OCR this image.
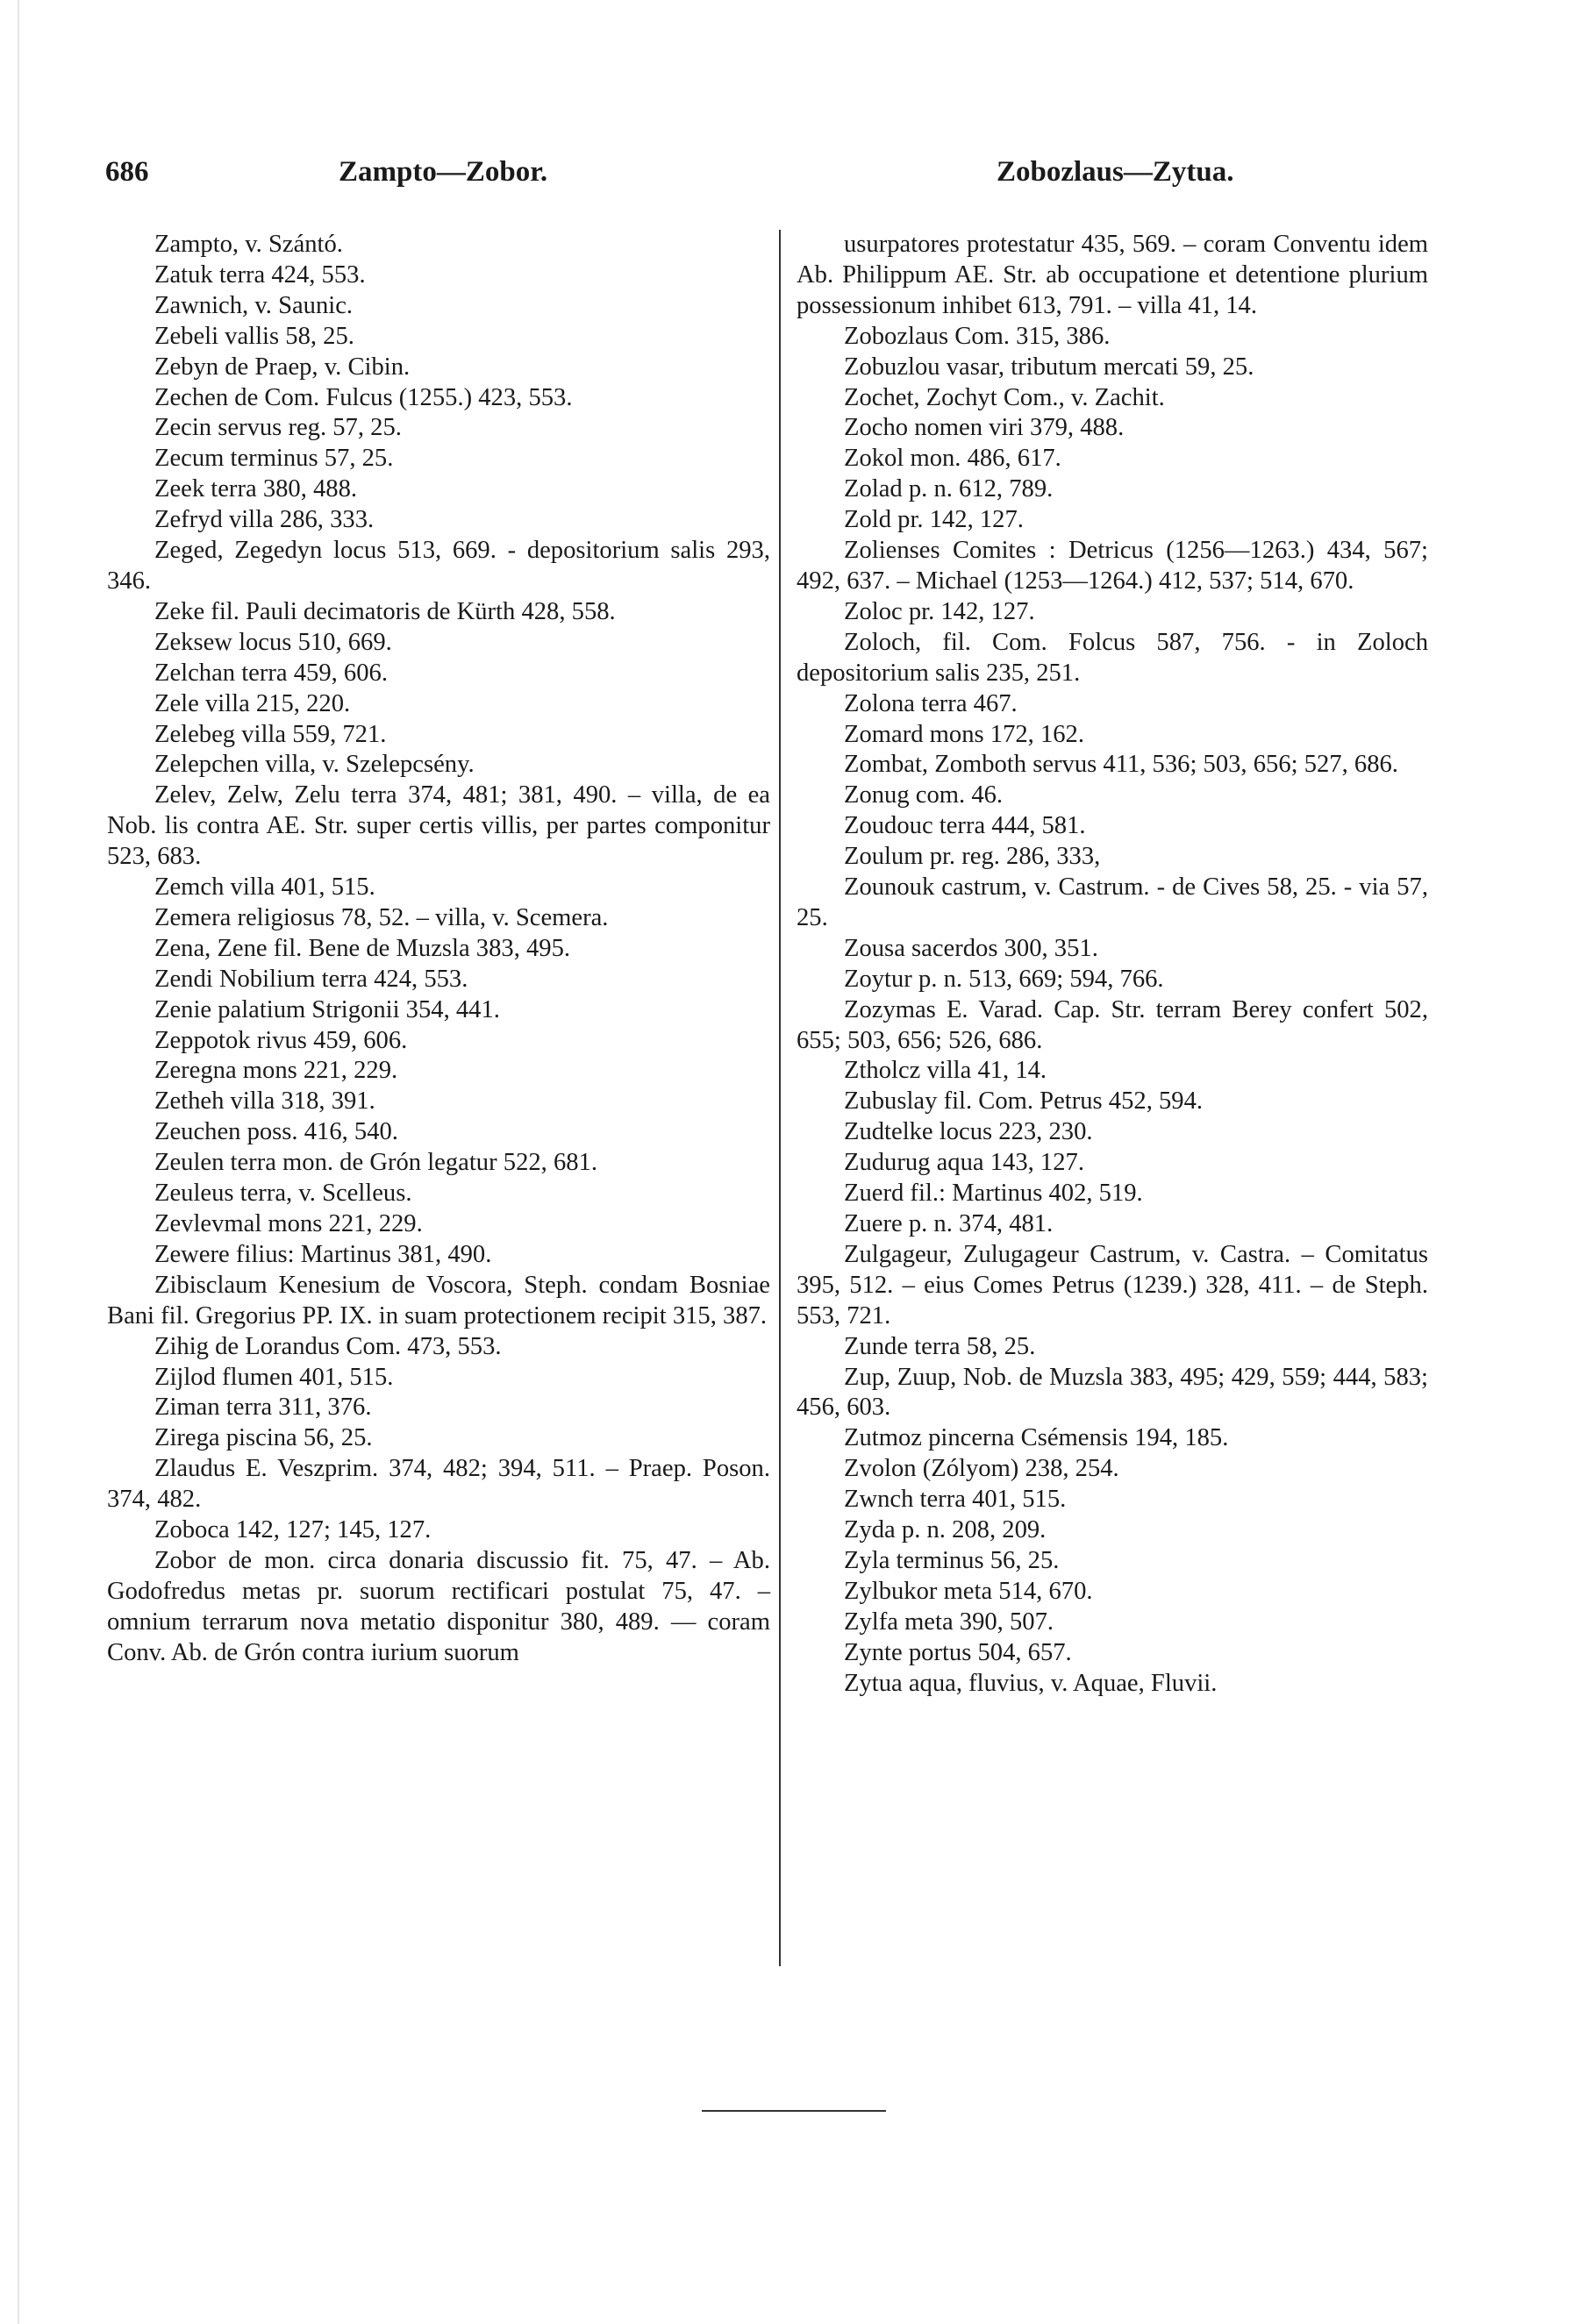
686	Zampto—Zobor.	Zobozlaus—Zytua.

Zampto, v. Szántó.

Zatuk terra 424, 553.

Zawnich, v. Saunic.

Zebeli vallis 58, 25.

Zebyn de Praep, v. Cibin.

Zechen de Com. Fulcus (1255.) 423, 553.

Zecin servus reg. 57, 25.

Zecum terminus 57, 25.

Zeek terra 380, 488.

Zefryd villa 286, 333.

Zeged, Zegedyn locus 513, 669. - depositorium salis 293, 346.

Zeke fil. Pauli decimatoris de Kürth 428, 558.

Zeksew locus 510, 669.

Zelchan terra 459, 606.

Zele villa 215, 220.

Zelebeg villa 559, 721.

Zelepchen villa, v. Szelepcsény.

Zelev, Zelw, Zelu terra 374, 481; 381, 490. – villa, de ea Nob. lis contra AE. Str. super certis villis, per partes componitur 523, 683.

Zemch villa 401, 515.

Zemera religiosus 78, 52. – villa, v. Scemera.

Zena, Zene fil. Bene de Muzsla 383, 495.

Zendi Nobilium terra 424, 553.

Zenie palatium Strigonii 354, 441.

Zeppotok rivus 459, 606.

Zeregna mons 221, 229.

Zetheh villa 318, 391.

Zeuchen poss. 416, 540.

Zeulen terra mon. de Grón legatur 522, 681.

Zeuleus terra, v. Scelleus.

Zevlevmal mons 221, 229.

Zewere filius: Martinus 381, 490.

Zibisclaum Kenesium de Voscora, Steph. condam Bosniae Bani fil. Gregorius PP. IX. in suam protectionem recipit 315, 387.

Zihig de Lorandus Com. 473, 553.

Zijlod flumen 401, 515.

Ziman terra 311, 376.

Zirega piscina 56, 25.

Zlaudus E. Veszprim. 374, 482; 394, 511. – Praep. Poson. 374, 482.

Zoboca 142, 127; 145, 127.

Zobor de mon. circa donaria discussio fit. 75, 47. – Ab. Godofredus metas pr. suorum rectificari postulat 75, 47. – omnium terrarum nova metatio disponitur 380, 489. — coram Conv. Ab. de Grón contra iurium suorum

usurpatores protestatur 435, 569. – coram Conventu idem Ab. Philippum AE. Str. ab occupatione et detentione plurium possessionum inhibet 613, 791. – villa 41, 14.

Zobozlaus Com. 315, 386.

Zobuzlou vasar, tributum mercati 59, 25.

Zochet, Zochyt Com., v. Zachit.

Zocho nomen viri 379, 488.

Zokol mon. 486, 617.

Zolad p. n. 612, 789.

Zold pr. 142, 127.

Zolienses Comites : Detricus (1256—1263.) 434, 567; 492, 637. – Michael (1253—1264.) 412, 537; 514, 670.

Zoloc pr. 142, 127.

Zoloch, fil. Com. Folcus 587, 756. - in Zoloch depositorium salis 235, 251.

Zolona terra 467.

Zomard mons 172, 162.

Zombat, Zomboth servus 411, 536; 503, 656; 527, 686.

Zonug com. 46.

Zoudouc terra 444, 581.

Zoulum pr. reg. 286, 333,

Zounouk castrum, v. Castrum. - de Cives 58, 25. - via 57, 25.

Zousa sacerdos 300, 351.

Zoytur p. n. 513, 669; 594, 766.

Zozymas E. Varad. Cap. Str. terram Berey confert 502, 655; 503, 656; 526, 686.

Ztholcz villa 41, 14.

Zubuslay fil. Com. Petrus 452, 594.

Zudtelke locus 223, 230.

Zudurug aqua 143, 127.

Zuerd fil.: Martinus 402, 519.

Zuere p. n. 374, 481.

Zulgageur, Zulugageur Castrum, v. Castra. – Comitatus 395, 512. – eius Comes Petrus (1239.) 328, 411. – de Steph. 553, 721.

Zunde terra 58, 25.

Zup, Zuup, Nob. de Muzsla 383, 495; 429, 559; 444, 583; 456, 603.

Zutmoz pincerna Csémensis 194, 185.

Zvolon (Zólyom) 238, 254.

Zwnch terra 401, 515.

Zyda p. n. 208, 209.

Zyla terminus 56, 25.

Zylbukor meta 514, 670.

Zylfa meta 390, 507.

Zynte portus 504, 657.

Zytua aqua, fluvius, v. Aquae, Fluvii.
